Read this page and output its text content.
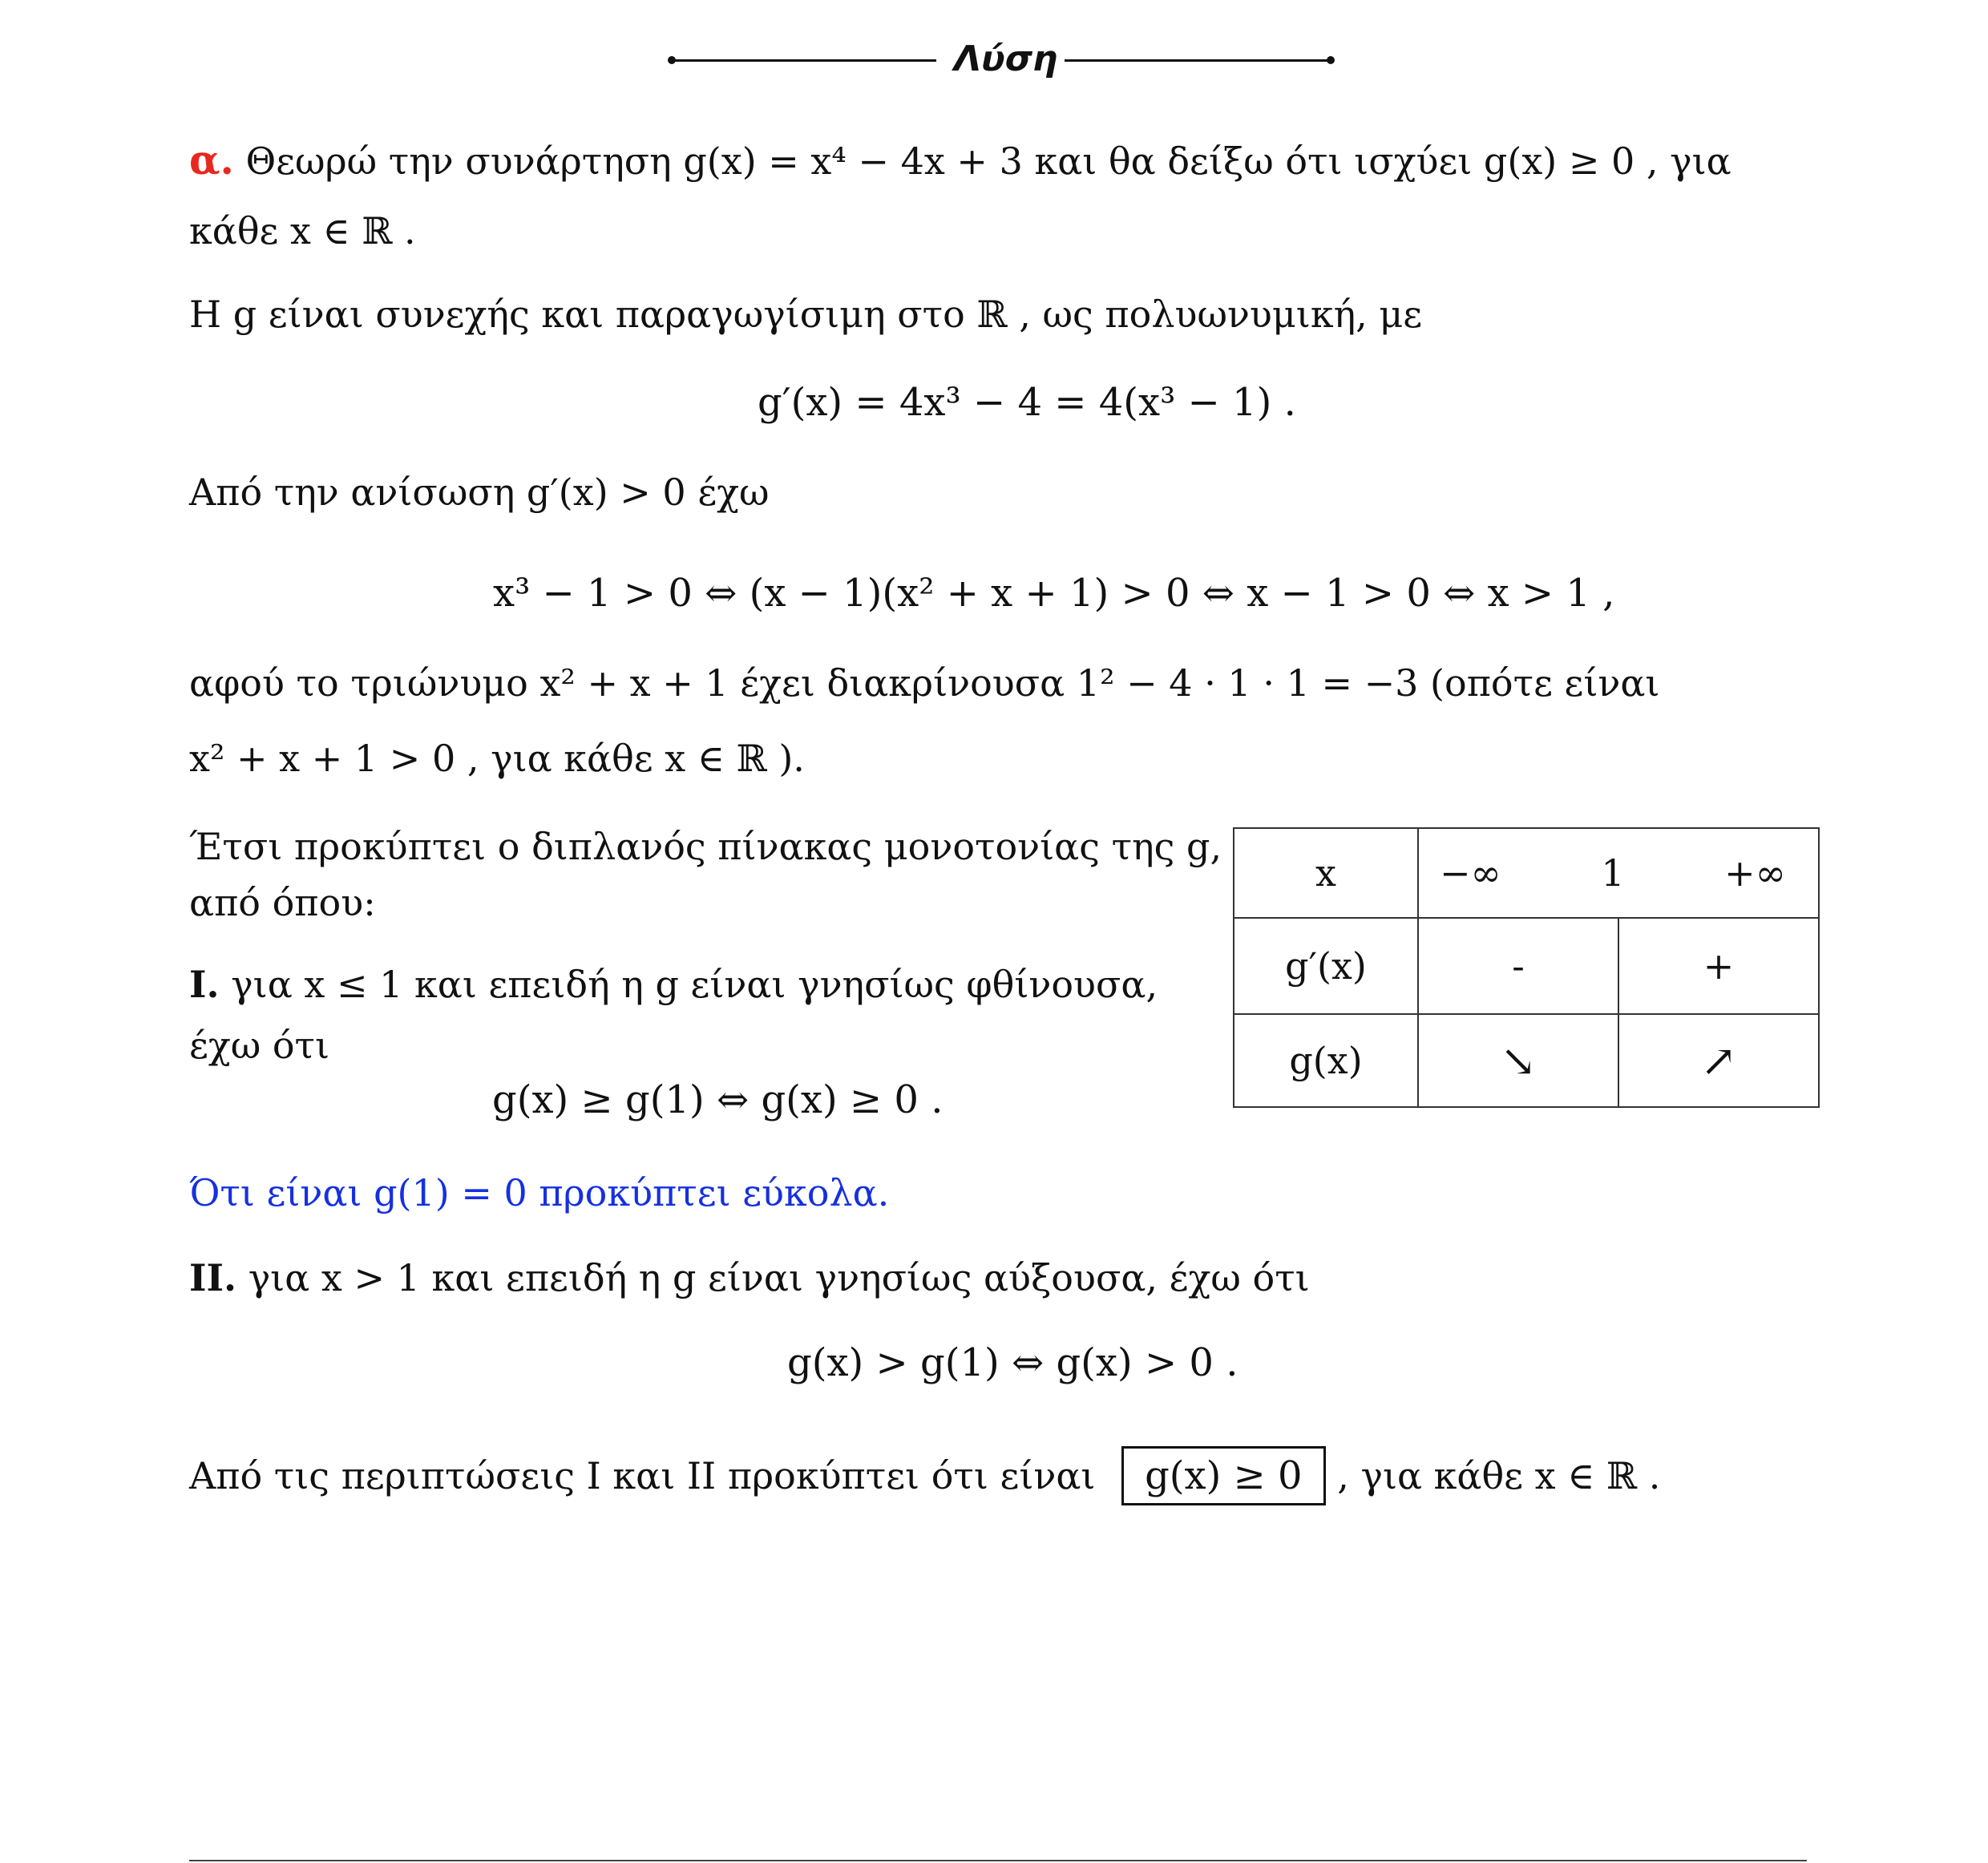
Λύση
α. Θεωρώ την συνάρτηση g(x) = x⁴ − 4x + 3 και θα δείξω ότι ισχύει g(x) ≥ 0 , για
κάθε x ∈ ℝ .
Η g είναι συνεχής και παραγωγίσιμη στο ℝ , ως πολυωνυμική, με
g′(x) = 4x³ − 4 = 4(x³ − 1) .
Από την ανίσωση g′(x) > 0 έχω
x³ − 1 > 0 ⇔ (x − 1)(x² + x + 1) > 0 ⇔ x − 1 > 0 ⇔ x > 1 ,
αφού το τριώνυμο x² + x + 1 έχει διακρίνουσα 1² − 4 · 1 · 1 = −3 (οπότε είναι
x² + x + 1 > 0 , για κάθε x ∈ ℝ ).
Έτσι προκύπτει ο διπλανός πίνακας μονοτονίας της g,
από όπου:
Ι. για x ≤ 1 και επειδή η g είναι γνησίως φθίνουσα,
έχω ότι
g(x) ≥ g(1) ⇔ g(x) ≥ 0 .
Ότι είναι g(1) = 0 προκύπτει εύκολα.
ΙΙ. για x > 1 και επειδή η g είναι γνησίως αύξουσα, έχω ότι
g(x) > g(1) ⇔ g(x) > 0 .
Από τις περιπτώσεις Ι και ΙΙ προκύπτει ότι είναι g(x) ≥ 0 , για κάθε x ∈ ℝ .
x	−∞ 1 +∞	

g′(x)	-	+
g(x)	↘	↗
